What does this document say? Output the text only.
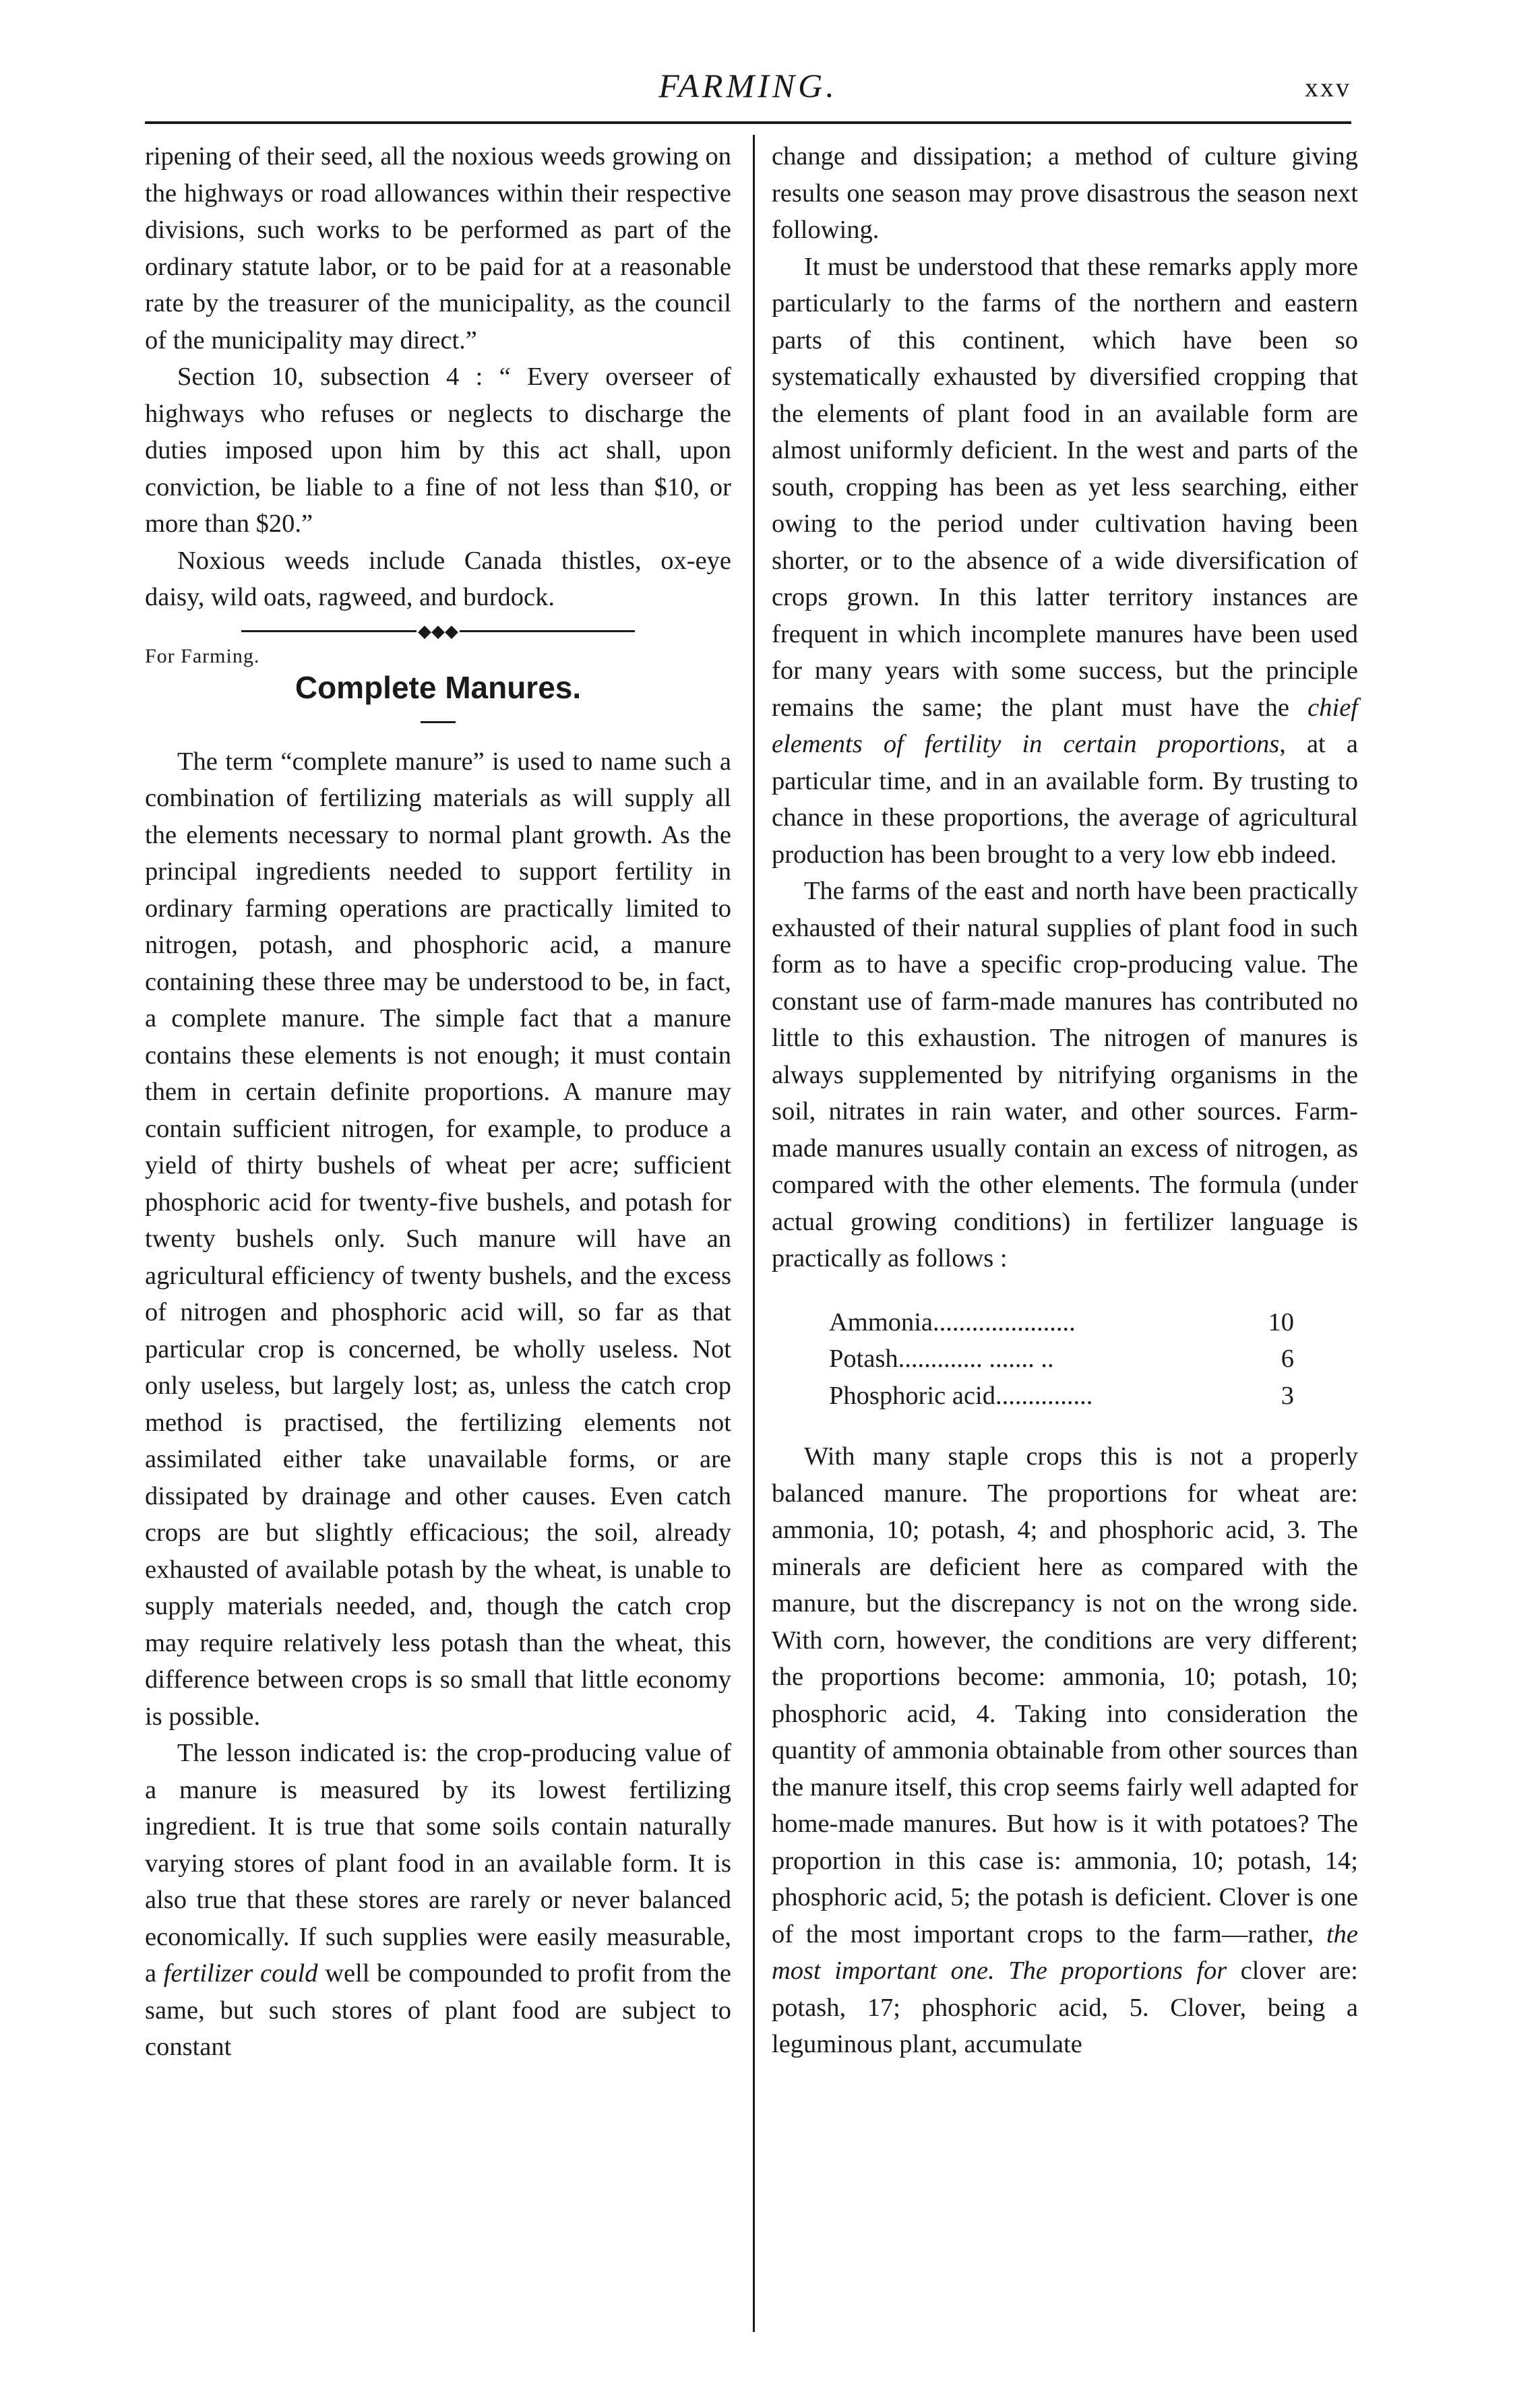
FARMING.	xxv

ripening of their seed, all the noxious weeds growing on the highways or road allowances within their respective divisions, such works to be performed as part of the ordinary statute labor, or to be paid for at a reasonable rate by the treasurer of the municipality, as the council of the municipality may direct.”

Section 10, subsection 4 : “ Every overseer of highways who refuses or neglects to discharge the duties imposed upon him by this act shall, upon conviction, be liable to a fine of not less than $10, or more than $20.”

Noxious weeds include Canada thistles, ox-eye daisy, wild oats, ragweed, and burdock.

◆◆◆
For Farming.
Complete Manures.

The term “complete manure” is used to name such a combination of fertilizing materials as will supply all the elements necessary to normal plant growth. As the principal ingredients needed to support fertility in ordinary farming operations are practically limited to nitrogen, potash, and phosphoric acid, a manure containing these three may be understood to be, in fact, a complete manure. The simple fact that a manure contains these elements is not enough; it must contain them in certain definite proportions. A manure may contain sufficient nitrogen, for example, to produce a yield of thirty bushels of wheat per acre; sufficient phosphoric acid for twenty-five bushels, and potash for twenty bushels only. Such manure will have an agricultural efficiency of twenty bushels, and the excess of nitrogen and phosphoric acid will, so far as that particular crop is concerned, be wholly useless. Not only useless, but largely lost; as, unless the catch crop method is practised, the fertilizing elements not assimilated either take unavailable forms, or are dissipated by drainage and other causes. Even catch crops are but slightly efficacious; the soil, already exhausted of available potash by the wheat, is unable to supply materials needed, and, though the catch crop may require relatively less potash than the wheat, this difference between crops is so small that little economy is possible.

The lesson indicated is: the crop-producing value of a manure is measured by its lowest fertilizing ingredient. It is true that some soils contain naturally varying stores of plant food in an available form. It is also true that these stores are rarely or never balanced economically. If such supplies were easily measurable, a fertilizer could well be compounded to profit from the same, but such stores of plant food are subject to constant

change and dissipation; a method of culture giving results one season may prove disastrous the season next following.

It must be understood that these remarks apply more particularly to the farms of the northern and eastern parts of this continent, which have been so systematically exhausted by diversified cropping that the elements of plant food in an available form are almost uniformly deficient. In the west and parts of the south, cropping has been as yet less searching, either owing to the period under cultivation having been shorter, or to the absence of a wide diversification of crops grown. In this latter territory instances are frequent in which incomplete manures have been used for many years with some success, but the principle remains the same; the plant must have the chief elements of fertility in certain proportions, at a particular time, and in an available form. By trusting to chance in these proportions, the average of agricultural production has been brought to a very low ebb indeed.

The farms of the east and north have been practically exhausted of their natural supplies of plant food in such form as to have a specific crop-producing value. The constant use of farm-made manures has contributed no little to this exhaustion. The nitrogen of manures is always supplemented by nitrifying organisms in the soil, nitrates in rain water, and other sources. Farm-made manures usually contain an excess of nitrogen, as compared with the other elements. The formula (under actual growing conditions) in fertilizer language is practically as follows :

Ammonia......................	10
Potash............. ....... ..	6
Phosphoric acid...............	3

With many staple crops this is not a properly balanced manure. The proportions for wheat are: ammonia, 10; potash, 4; and phosphoric acid, 3. The minerals are deficient here as compared with the manure, but the discrepancy is not on the wrong side. With corn, however, the conditions are very different; the proportions become: ammonia, 10; potash, 10; phosphoric acid, 4. Taking into consideration the quantity of ammonia obtainable from other sources than the manure itself, this crop seems fairly well adapted for home-made manures. But how is it with potatoes? The proportion in this case is: ammonia, 10; potash, 14; phosphoric acid, 5; the potash is deficient. Clover is one of the most important crops to the farm—rather, the most important one. The proportions for clover are: potash, 17; phosphoric acid, 5. Clover, being a leguminous plant, accumulate
